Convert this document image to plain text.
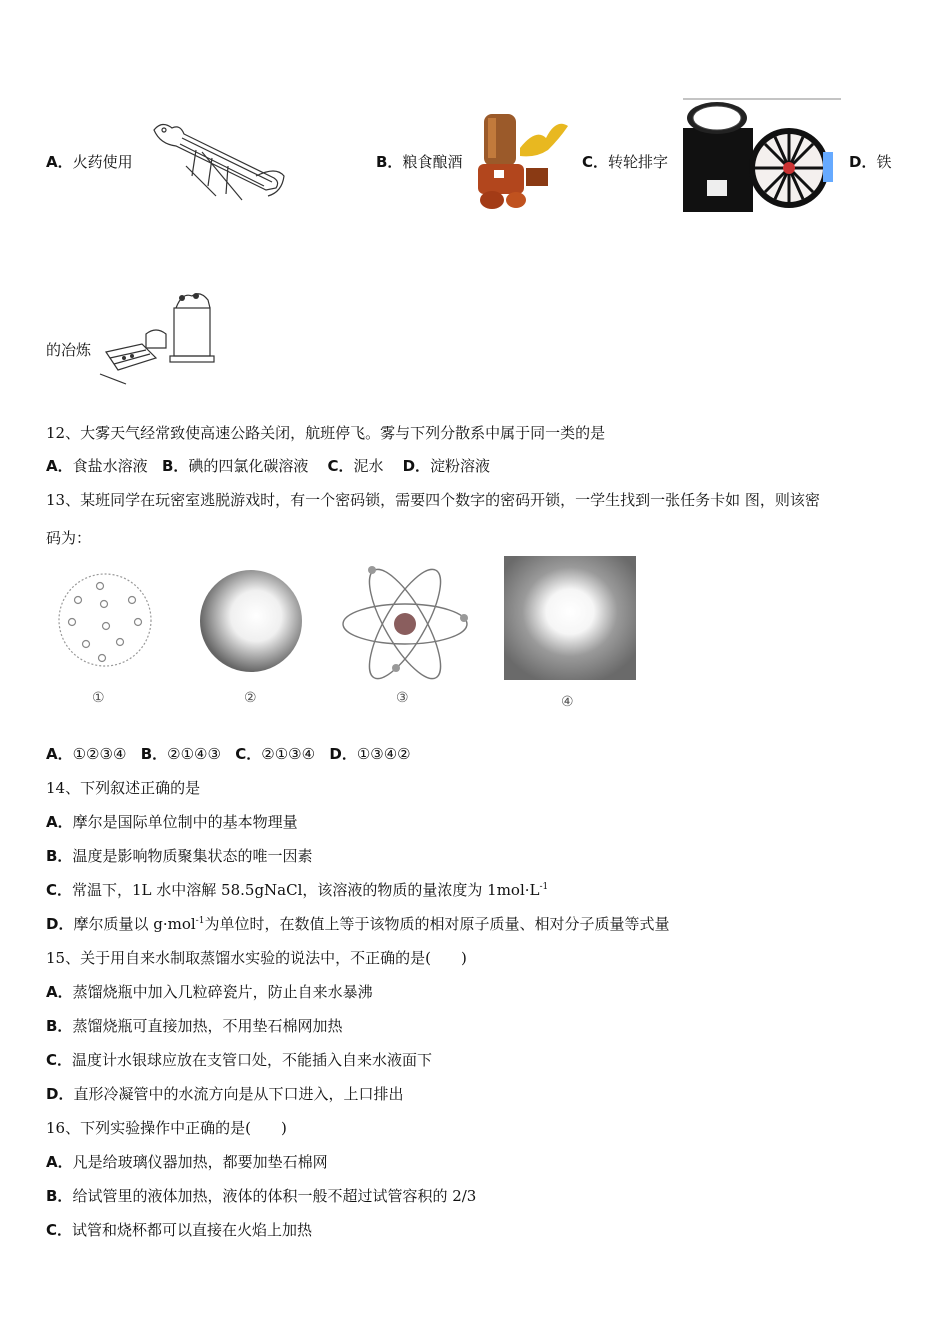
A．火药使用	B．粮食酿酒	C．转轮排字	D．铁
的冶炼
12、大雾天气经常致使高速公路关闭，航班停飞。雾与下列分散系中属于同一类的是
A．食盐水溶液 B．碘的四氯化碳溶液 C．泥水 D．淀粉溶液
13、某班同学在玩密室逃脱游戏时，有一个密码锁，需要四个数字的密码开锁，一学生找到一张任务卡如 图，则该密
码为：
①	②	③	④
A．①②③④ B．②①④③ C．②①③④ D．①③④②
14、下列叙述正确的是
A．摩尔是国际单位制中的基本物理量
B．温度是影响物质聚集状态的唯一因素
C．常温下，1L 水中溶解 58.5gNaCl，该溶液的物质的量浓度为 $1mol\cdot L^{-1}$
D．摩尔质量以 g·mol$^{-1}$为单位时，在数值上等于该物质的相对原子质量、相对分子质量等式量
15、关于用自来水制取蒸馏水实验的说法中，不正确的是(　　)
A．蒸馏烧瓶中加入几粒碎瓷片，防止自来水暴沸
B．蒸馏烧瓶可直接加热，不用垫石棉网加热
C．温度计水银球应放在支管口处，不能插入自来水液面下
D．直形冷凝管中的水流方向是从下口进入，上口排出
16、下列实验操作中正确的是(　　)
A．凡是给玻璃仪器加热，都要加垫石棉网
B．给试管里的液体加热，液体的体积一般不超过试管容积的 2/3
C．试管和烧杯都可以直接在火焰上加热
